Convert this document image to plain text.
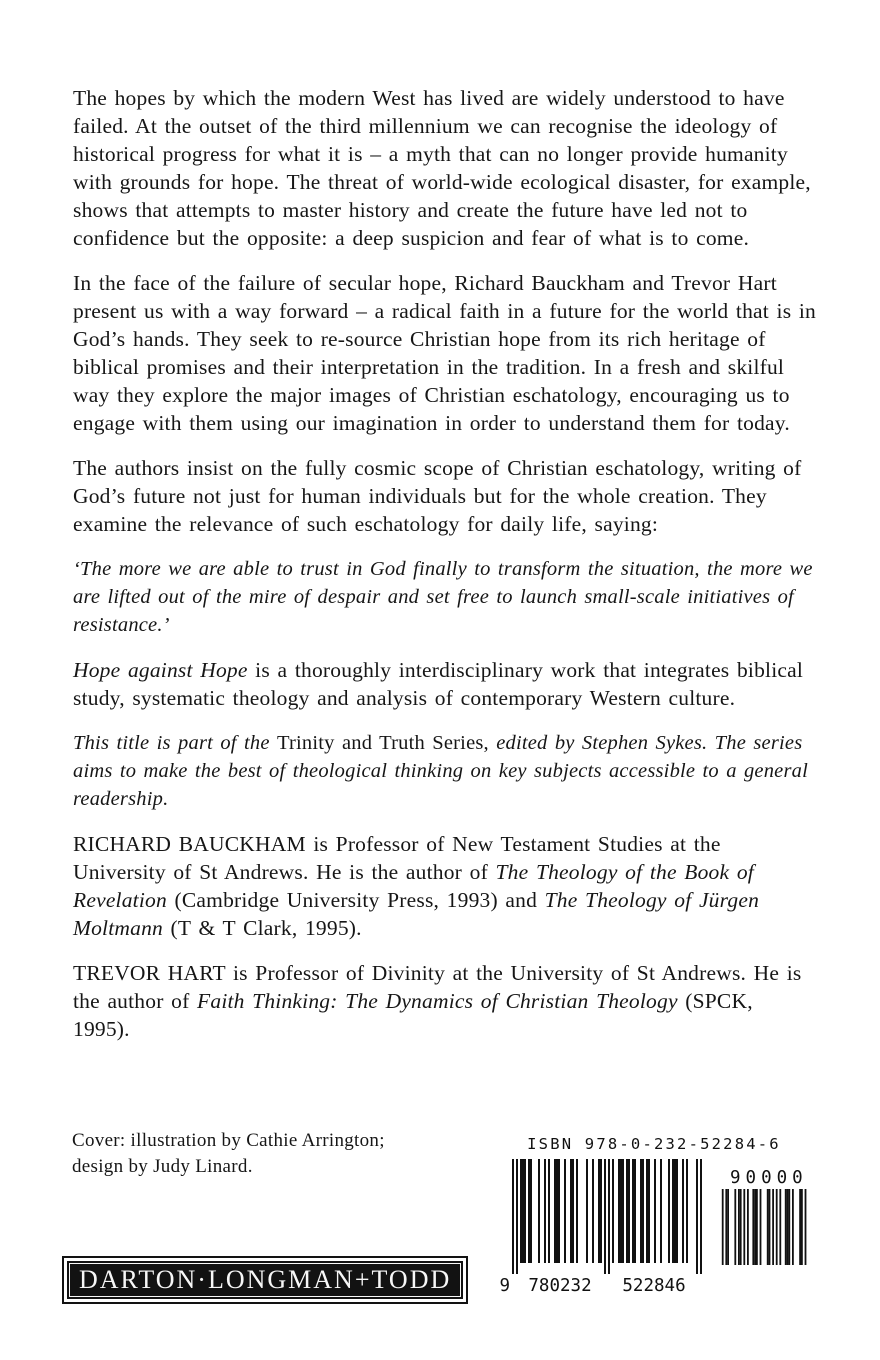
The hopes by which the modern West has lived are widely understood to have failed. At the outset of the third millennium we can recognise the ideology of historical progress for what it is – a myth that can no longer provide humanity with grounds for hope. The threat of world-wide ecological disaster, for example, shows that attempts to master history and create the future have led not to confidence but the opposite: a deep suspicion and fear of what is to come.

In the face of the failure of secular hope, Richard Bauckham and Trevor Hart present us with a way forward – a radical faith in a future for the world that is in God’s hands. They seek to re-source Christian hope from its rich heritage of biblical promises and their interpretation in the tradition. In a fresh and skilful way they explore the major images of Christian eschatology, encouraging us to engage with them using our imagination in order to understand them for today.

The authors insist on the fully cosmic scope of Christian eschatology, writing of God’s future not just for human individuals but for the whole creation. They examine the relevance of such eschatology for daily life, saying:

‘The more we are able to trust in God finally to transform the situation, the more we are lifted out of the mire of despair and set free to launch small-scale initiatives of resistance.’

Hope against Hope is a thoroughly interdisciplinary work that integrates biblical study, systematic theology and analysis of contemporary Western culture.

This title is part of the Trinity and Truth Series, edited by Stephen Sykes. The series aims to make the best of theological thinking on key subjects accessible to a general readership.

RICHARD BAUCKHAM is Professor of New Testament Studies at the University of St Andrews. He is the author of The Theology of the Book of Revelation (Cambridge University Press, 1993) and The Theology of Jürgen Moltmann (T & T Clark, 1995).

TREVOR HART is Professor of Divinity at the University of St Andrews. He is the author of Faith Thinking: The Dynamics of Christian Theology (SPCK, 1995).

Cover: illustration by Cathie Arrington;
design by Judy Linard.
DARTON·LONGMAN+TODD
ISBN 978-0-232-52284-6
90000
9 780232 522846
